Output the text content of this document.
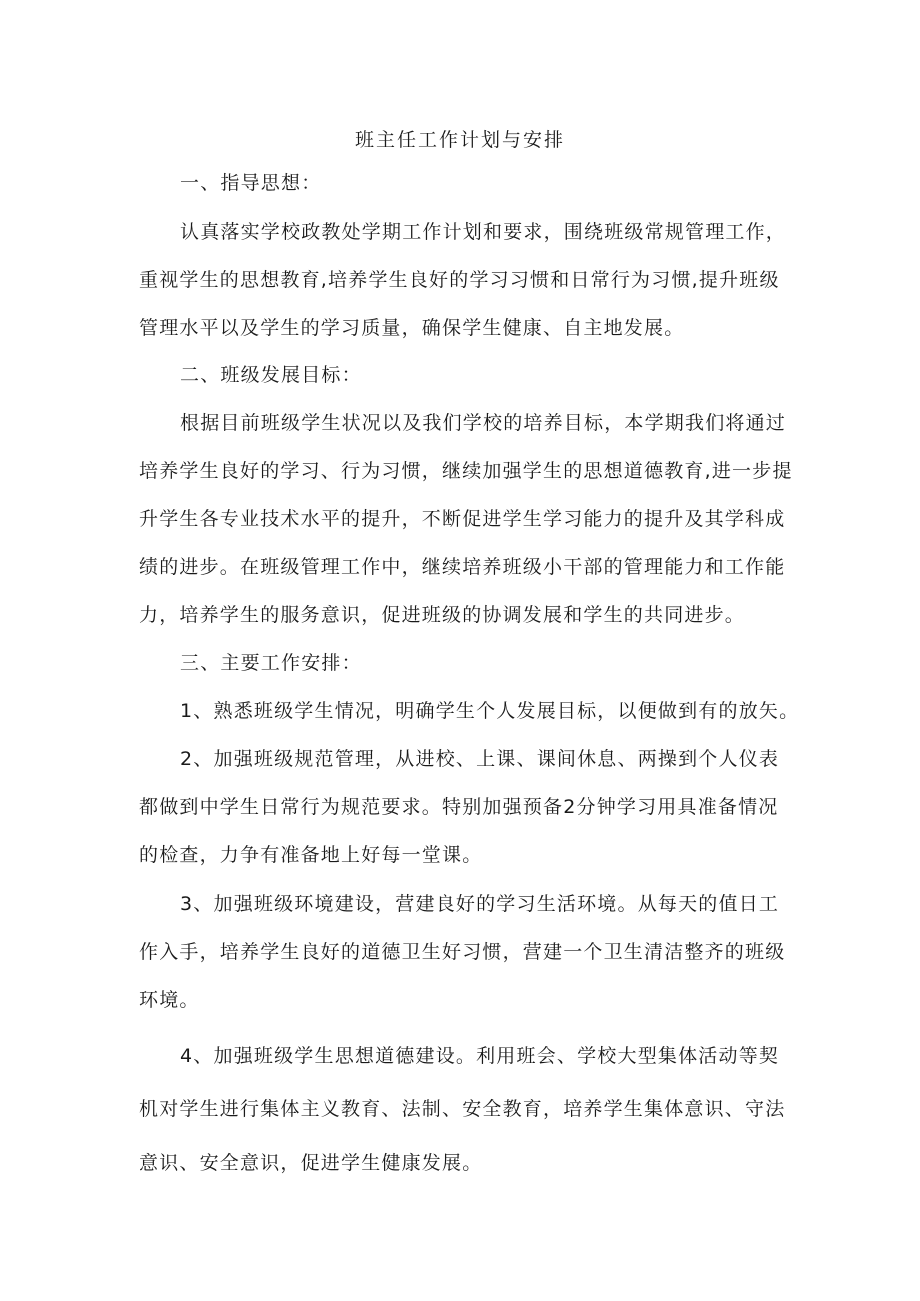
班主任工作计划与安排
一、指导思想：
认真落实学校政教处学期工作计划和要求，围绕班级常规管理工作，
重视学生的思想教育,培养学生良好的学习习惯和日常行为习惯,提升班级
管理水平以及学生的学习质量，确保学生健康、自主地发展。
二、班级发展目标：
根据目前班级学生状况以及我们学校的培养目标，本学期我们将通过
培养学生良好的学习、行为习惯，继续加强学生的思想道德教育,进一步提
升学生各专业技术水平的提升，不断促进学生学习能力的提升及其学科成
绩的进步。在班级管理工作中，继续培养班级小干部的管理能力和工作能
力，培养学生的服务意识，促进班级的协调发展和学生的共同进步。
三、主要工作安排：
1、熟悉班级学生情况，明确学生个人发展目标，以便做到有的放矢。
2、加强班级规范管理，从进校、上课、课间休息、两操到个人仪表
都做到中学生日常行为规范要求。特别加强预备2分钟学习用具准备情况
的检查，力争有准备地上好每一堂课。
3、加强班级环境建设，营建良好的学习生活环境。从每天的值日工
作入手，培养学生良好的道德卫生好习惯，营建一个卫生清洁整齐的班级
环境。
4、加强班级学生思想道德建设。利用班会、学校大型集体活动等契
机对学生进行集体主义教育、法制、安全教育，培养学生集体意识、守法
意识、安全意识，促进学生健康发展。
